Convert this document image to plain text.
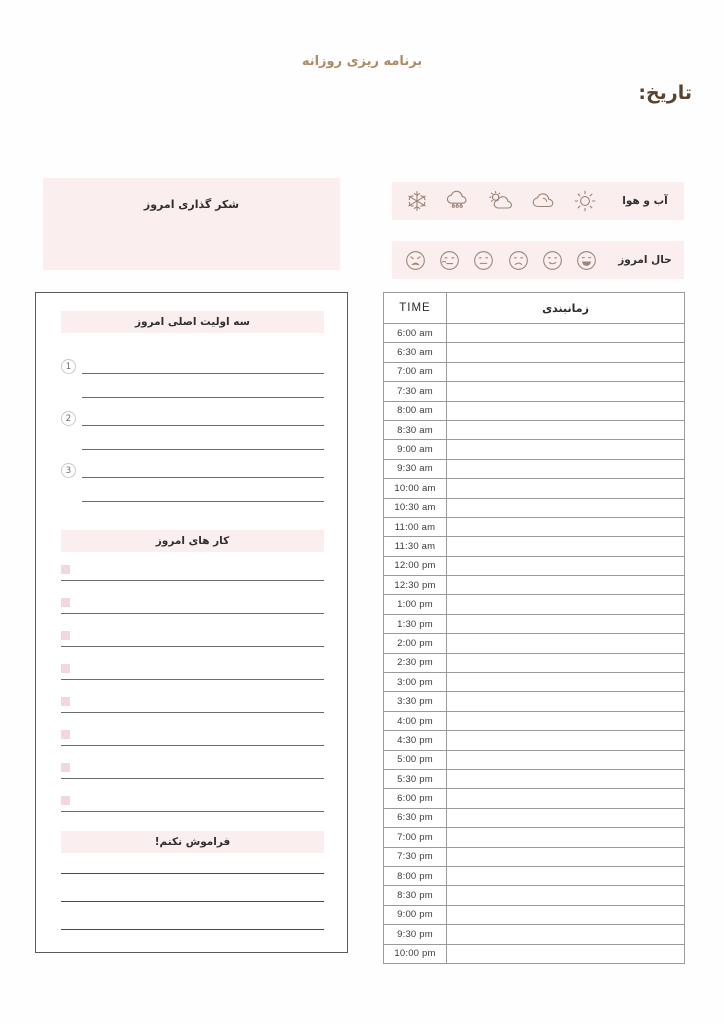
برنامه ریزی روزانه
تاریخ:
شکر گذاری امروز	آب و هوا
حال امروز
سه اولیت اصلی امروز
1
2
3
کار های امروز
فراموش نکنم!
TIME	زمانبندی
6:00 am	
6:30 am	
7:00 am	
7:30 am	
8:00 am	
8:30 am	
9:00 am	
9:30 am	
10:00 am	
10:30 am	
11:00 am	
11:30 am	
12:00 pm	
12:30 pm	
1:00 pm	
1:30 pm	
2:00 pm	
2:30 pm	
3:00 pm	
3:30 pm	
4:00 pm	
4:30 pm	
5:00 pm	
5:30 pm	
6:00 pm	
6:30 pm	
7:00 pm	
7:30 pm	
8:00 pm	
8:30 pm	
9:00 pm	
9:30 pm	
10:00 pm	
